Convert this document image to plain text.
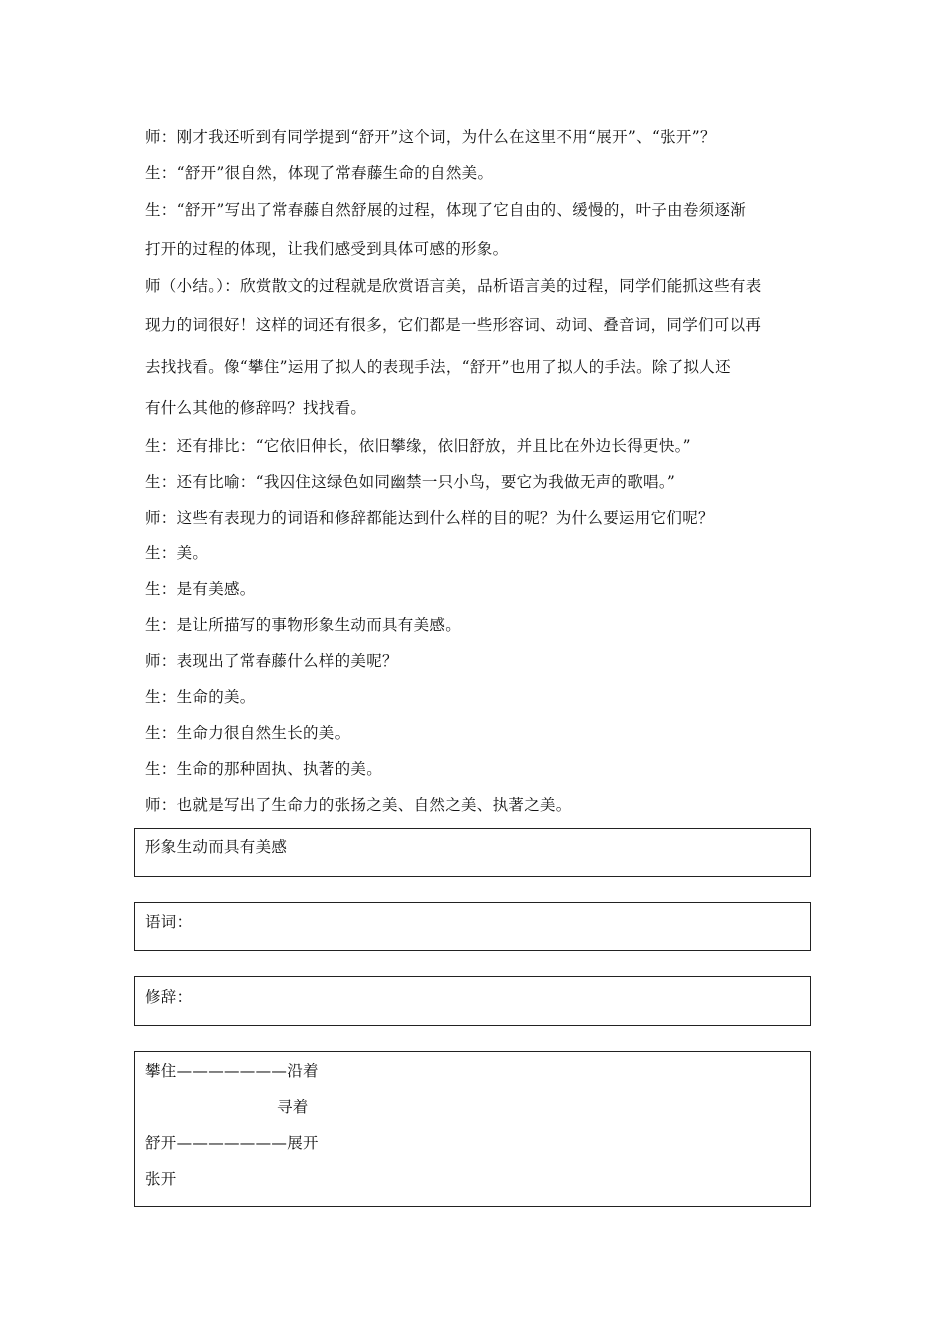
师：刚才我还听到有同学提到“舒开”这个词，为什么在这里不用“展开”、“张开”？
生：“舒开”很自然，体现了常春藤生命的自然美。
生：“舒开”写出了常春藤自然舒展的过程，体现了它自由的、缓慢的，叶子由卷须逐渐
打开的过程的体现，让我们感受到具体可感的形象。
师（小结。）：欣赏散文的过程就是欣赏语言美，品析语言美的过程，同学们能抓这些有表
现力的词很好！这样的词还有很多，它们都是一些形容词、动词、叠音词，同学们可以再
去找找看。像“攀住”运用了拟人的表现手法，“舒开”也用了拟人的手法。除了拟人还
有什么其他的修辞吗？找找看。
生：还有排比：“它依旧伸长，依旧攀缘，依旧舒放，并且比在外边长得更快。”
生：还有比喻：“我囚住这绿色如同幽禁一只小鸟，要它为我做无声的歌唱。”
师：这些有表现力的词语和修辞都能达到什么样的目的呢？为什么要运用它们呢？
生：美。
生：是有美感。
生：是让所描写的事物形象生动而具有美感。
师：表现出了常春藤什么样的美呢？
生：生命的美。
生：生命力很自然生长的美。
生：生命的那种固执、执著的美。
师：也就是写出了生命力的张扬之美、自然之美、执著之美。
形象生动而具有美感
语词：
修辞：
攀住———————沿着
寻着
舒开———————展开
张开
